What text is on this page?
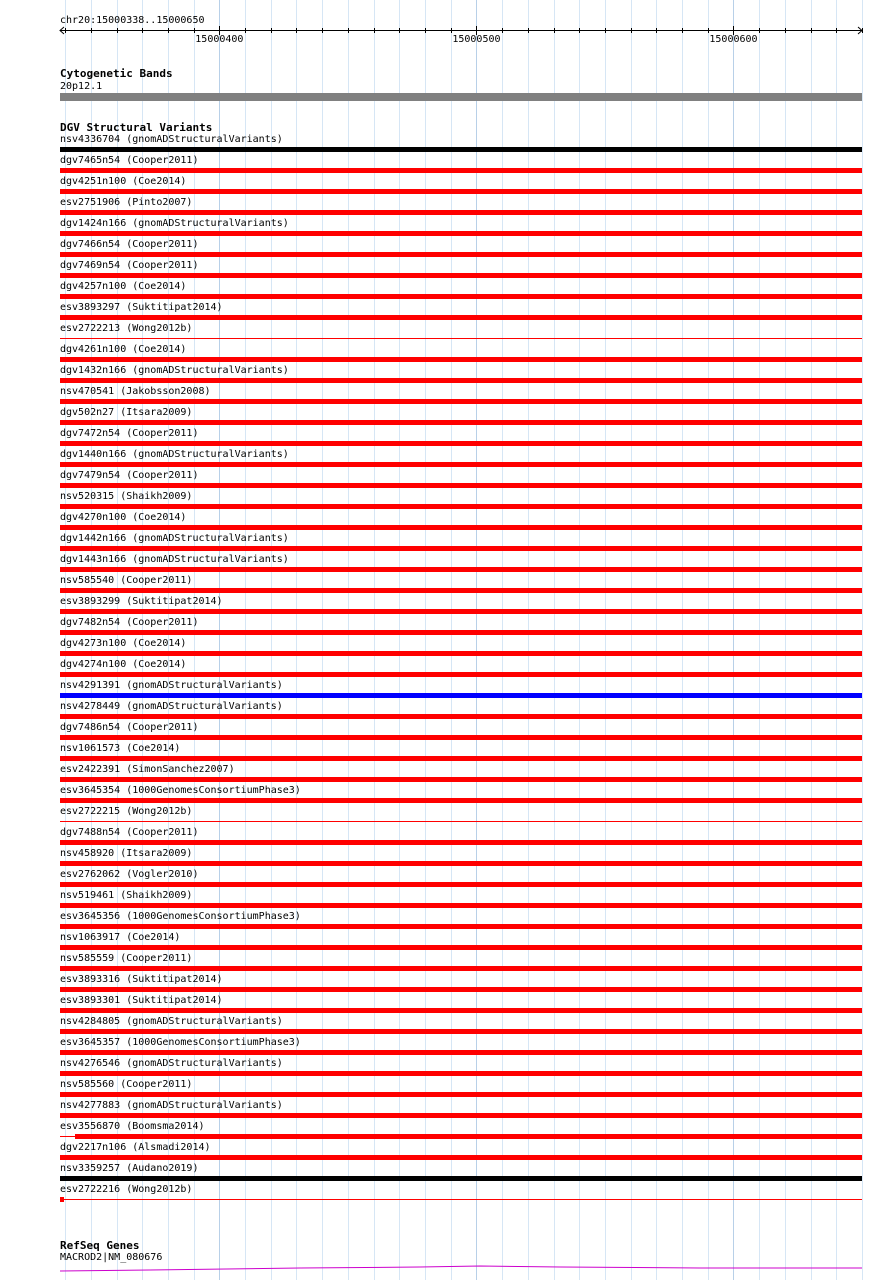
chr20:15000338..15000650
15000400	15000500	15000600
Cytogenetic Bands
20p12.1
DGV Structural Variants
nsv4336704 (gnomADStructuralVariants)
dgv7465n54 (Cooper2011)
dgv4251n100 (Coe2014)
esv2751906 (Pinto2007)
dgv1424n166 (gnomADStructuralVariants)
dgv7466n54 (Cooper2011)
dgv7469n54 (Cooper2011)
dgv4257n100 (Coe2014)
esv3893297 (Suktitipat2014)
esv2722213 (Wong2012b)
dgv4261n100 (Coe2014)
dgv1432n166 (gnomADStructuralVariants)
nsv470541 (Jakobsson2008)
dgv502n27 (Itsara2009)
dgv7472n54 (Cooper2011)
dgv1440n166 (gnomADStructuralVariants)
dgv7479n54 (Cooper2011)
nsv520315 (Shaikh2009)
dgv4270n100 (Coe2014)
dgv1442n166 (gnomADStructuralVariants)
dgv1443n166 (gnomADStructuralVariants)
nsv585540 (Cooper2011)
esv3893299 (Suktitipat2014)
dgv7482n54 (Cooper2011)
dgv4273n100 (Coe2014)
dgv4274n100 (Coe2014)
nsv4291391 (gnomADStructuralVariants)
nsv4278449 (gnomADStructuralVariants)
dgv7486n54 (Cooper2011)
nsv1061573 (Coe2014)
esv2422391 (SimonSanchez2007)
esv3645354 (1000GenomesConsortiumPhase3)
esv2722215 (Wong2012b)
dgv7488n54 (Cooper2011)
nsv458920 (Itsara2009)
esv2762062 (Vogler2010)
nsv519461 (Shaikh2009)
esv3645356 (1000GenomesConsortiumPhase3)
nsv1063917 (Coe2014)
nsv585559 (Cooper2011)
esv3893316 (Suktitipat2014)
esv3893301 (Suktitipat2014)
nsv4284805 (gnomADStructuralVariants)
esv3645357 (1000GenomesConsortiumPhase3)
nsv4276546 (gnomADStructuralVariants)
nsv585560 (Cooper2011)
nsv4277883 (gnomADStructuralVariants)
esv3556870 (Boomsma2014)
dgv2217n106 (Alsmadi2014)
nsv3359257 (Audano2019)
esv2722216 (Wong2012b)
RefSeq Genes
MACROD2|NM_080676
